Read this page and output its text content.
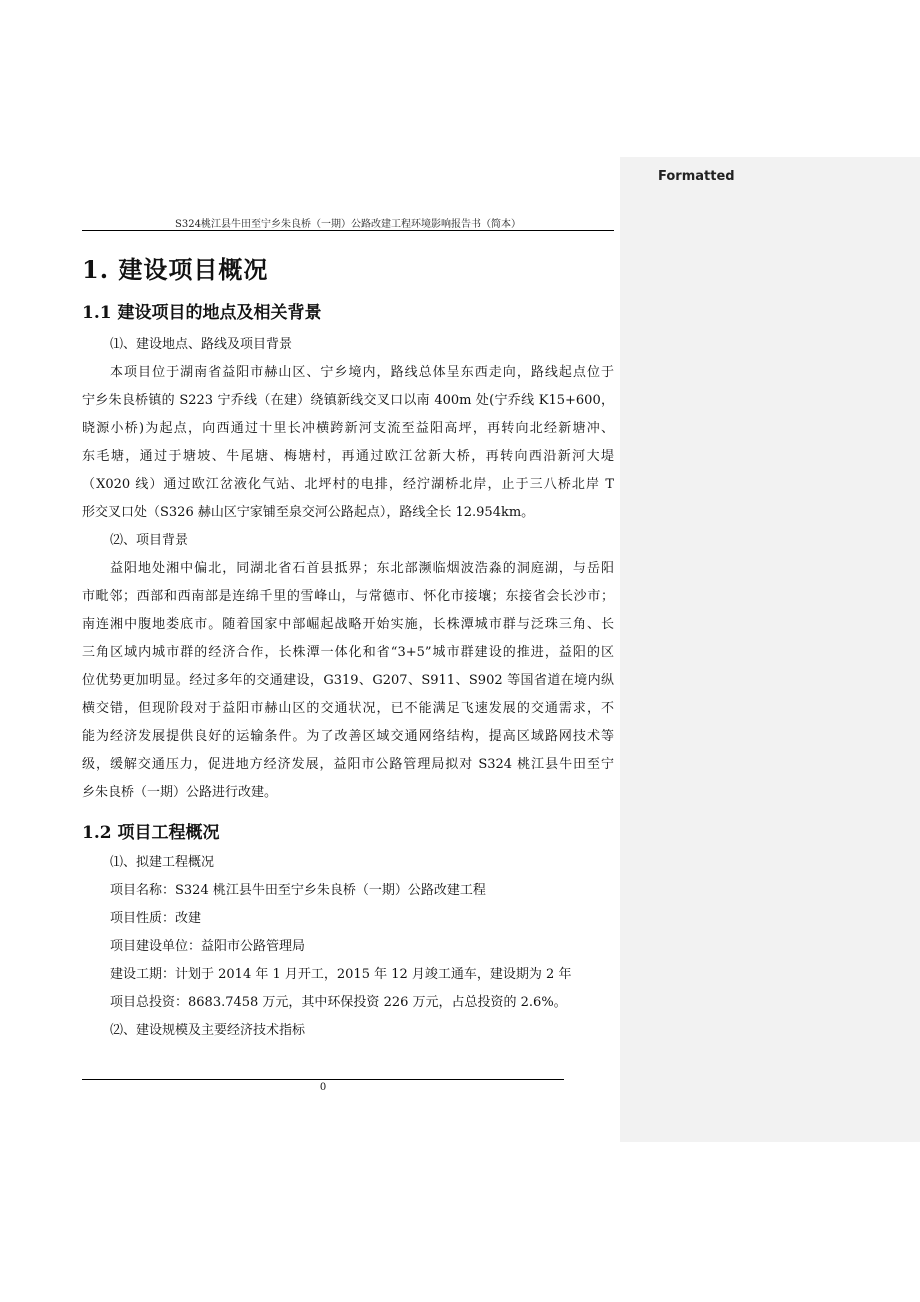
Formatted
S324桃江县牛田至宁乡朱良桥（一期）公路改建工程环境影响报告书（简本）
1. 建设项目概况
1.1 建设项目的地点及相关背景
⑴、建设地点、路线及项目背景
本项目位于湖南省益阳市赫山区、宁乡境内，路线总体呈东西走向，路线起点位于
宁乡朱良桥镇的 S223 宁乔线（在建）绕镇新线交叉口以南 400m 处(宁乔线 K15+600，
晓源小桥)为起点，向西通过十里长冲横跨新河支流至益阳高坪，再转向北经新塘冲、
东毛塘，通过于塘坡、牛尾塘、梅塘村，再通过欧江岔新大桥，再转向西沿新河大堤
（X020 线）通过欧江岔液化气站、北坪村的电排，经泞湖桥北岸，止于三八桥北岸 T
形交叉口处（S326 赫山区宁家铺至泉交河公路起点），路线全长 12.954km。
⑵、项目背景
益阳地处湘中偏北，同湖北省石首县抵界；东北部濒临烟波浩淼的洞庭湖，与岳阳
市毗邻；西部和西南部是连绵千里的雪峰山，与常德市、怀化市接壤；东接省会长沙市；
南连湘中腹地娄底市。随着国家中部崛起战略开始实施，长株潭城市群与泛珠三角、长
三角区域内城市群的经济合作，长株潭一体化和省“3+5”城市群建设的推进，益阳的区
位优势更加明显。经过多年的交通建设，G319、G207、S911、S902 等国省道在境内纵
横交错，但现阶段对于益阳市赫山区的交通状况，已不能满足飞速发展的交通需求，不
能为经济发展提供良好的运输条件。为了改善区域交通网络结构，提高区域路网技术等
级，缓解交通压力，促进地方经济发展，益阳市公路管理局拟对 S324 桃江县牛田至宁
乡朱良桥（一期）公路进行改建。
1.2 项目工程概况
⑴、拟建工程概况
项目名称：S324 桃江县牛田至宁乡朱良桥（一期）公路改建工程
项目性质：改建
项目建设单位：益阳市公路管理局
建设工期：计划于 2014 年 1 月开工，2015 年 12 月竣工通车，建设期为 2 年
项目总投资：8683.7458 万元，其中环保投资 226 万元，占总投资的 2.6%。
⑵、建设规模及主要经济技术指标
0
